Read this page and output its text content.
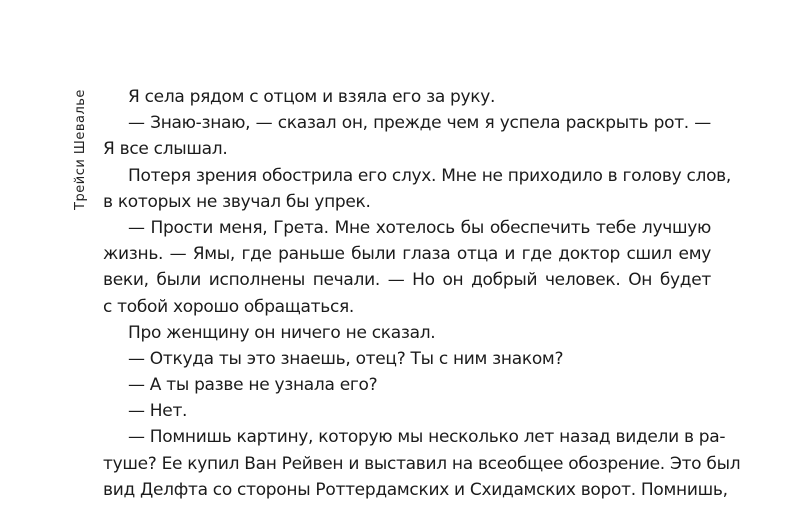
Трейси Шевалье	Я села рядом с отцом и взяла его за руку.
— Знаю-знаю, — сказал он, прежде чем я успела раскрыть рот. —
Я все слышал.
Потеря зрения обострила его слух. Мне не приходило в голову слов,
в которых не звучал бы упрек.
— Прости меня, Грета. Мне хотелось бы обеспечить тебе лучшую
жизнь. — Ямы, где раньше были глаза отца и где доктор сшил ему
веки, были исполнены печали. — Но он добрый человек. Он будет
с тобой хорошо обращаться.
Про женщину он ничего не сказал.
— Откуда ты это знаешь, отец? Ты с ним знаком?
— А ты разве не узнала его?
— Нет.
— Помнишь картину, которую мы несколько лет назад видели в ра-
туше? Ее купил Ван Рейвен и выставил на всеобщее обозрение. Это был
вид Делфта со стороны Роттердамских и Схидамских ворот. Помнишь,
